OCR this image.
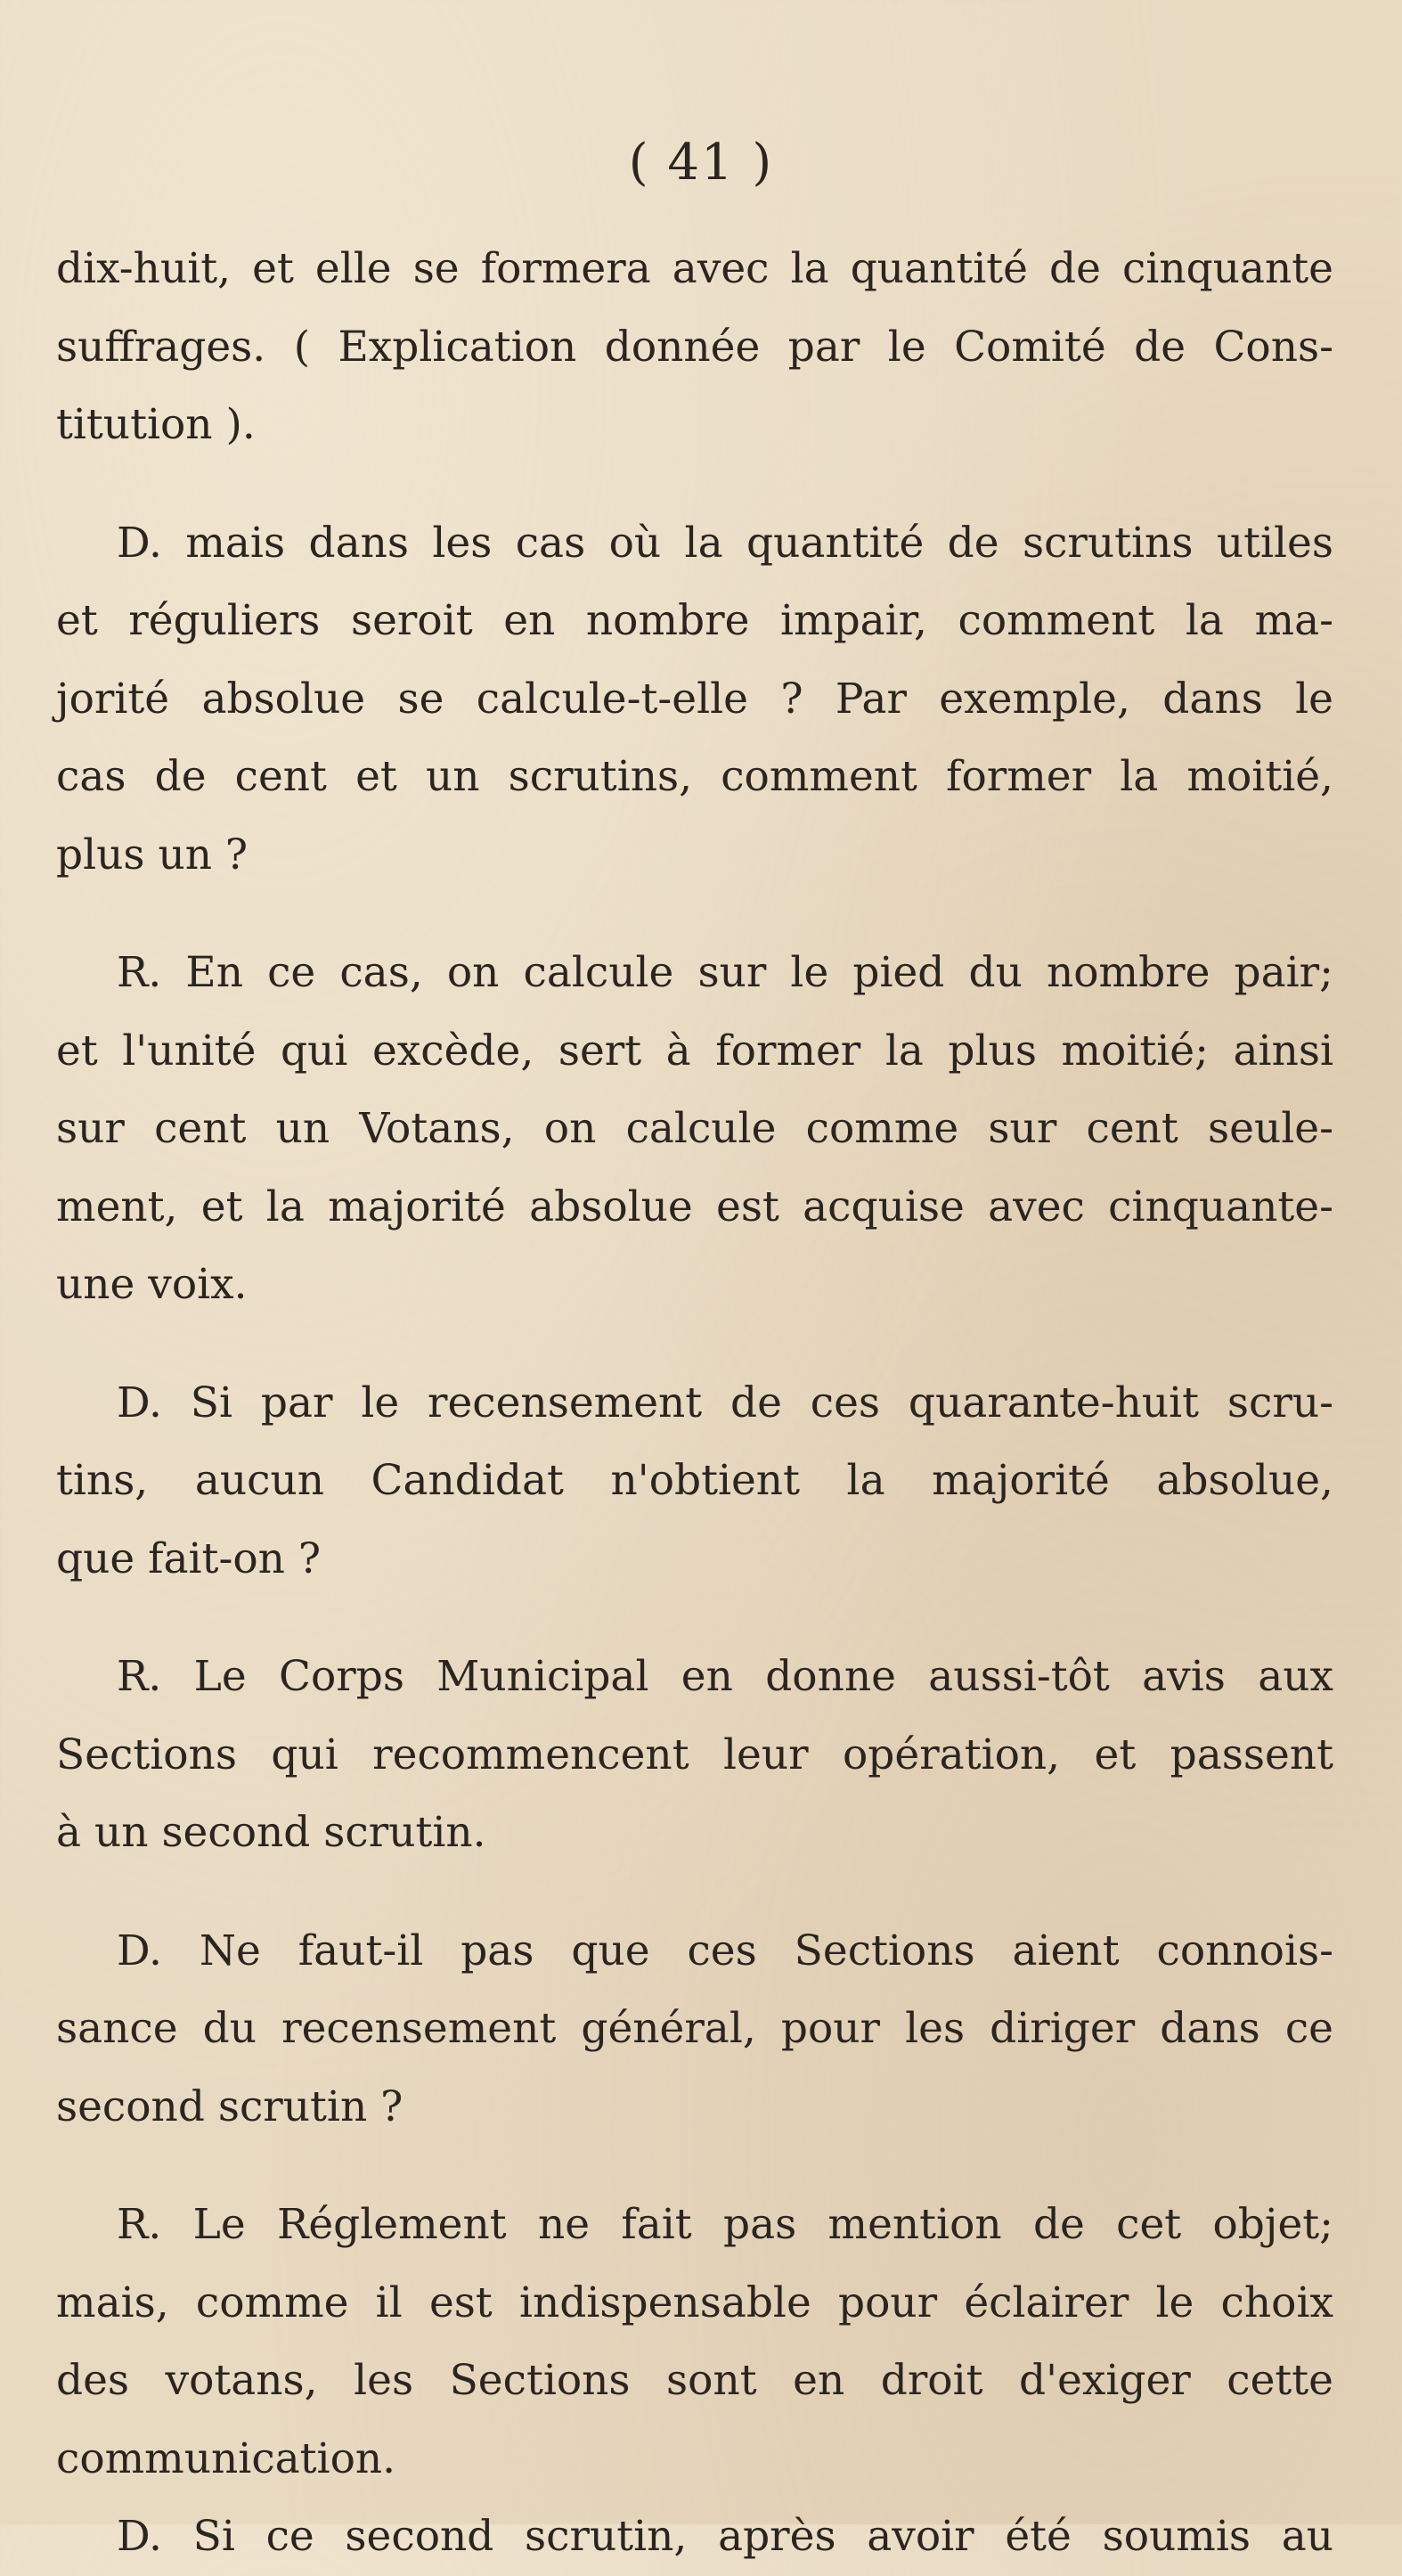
( 41 )
dix-huit, et elle se formera avec la quantité de cinquante
suffrages. ( Explication donnée par le Comité de Cons-
titution ).
D. mais dans les cas où la quantité de scrutins utiles
et réguliers seroit en nombre impair, comment la ma-
jorité absolue se calcule-t-elle ? Par exemple, dans le
cas de cent et un scrutins, comment former la moitié,
plus un ?
R. En ce cas, on calcule sur le pied du nombre pair;
et l'unité qui excède, sert à former la plus moitié; ainsi
sur cent un Votans, on calcule comme sur cent seule-
ment, et la majorité absolue est acquise avec cinquante-
une voix.
D. Si par le recensement de ces quarante-huit scru-
tins, aucun Candidat n'obtient la majorité absolue,
que fait-on ?
R. Le Corps Municipal en donne aussi-tôt avis aux
Sections qui recommencent leur opération, et passent
à un second scrutin.
D. Ne faut-il pas que ces Sections aient connois-
sance du recensement général, pour les diriger dans ce
second scrutin ?
R. Le Réglement ne fait pas mention de cet objet;
mais, comme il est indispensable pour éclairer le choix
des votans, les Sections sont en droit d'exiger cette
communication.
D. Si ce second scrutin, après avoir été soumis au
